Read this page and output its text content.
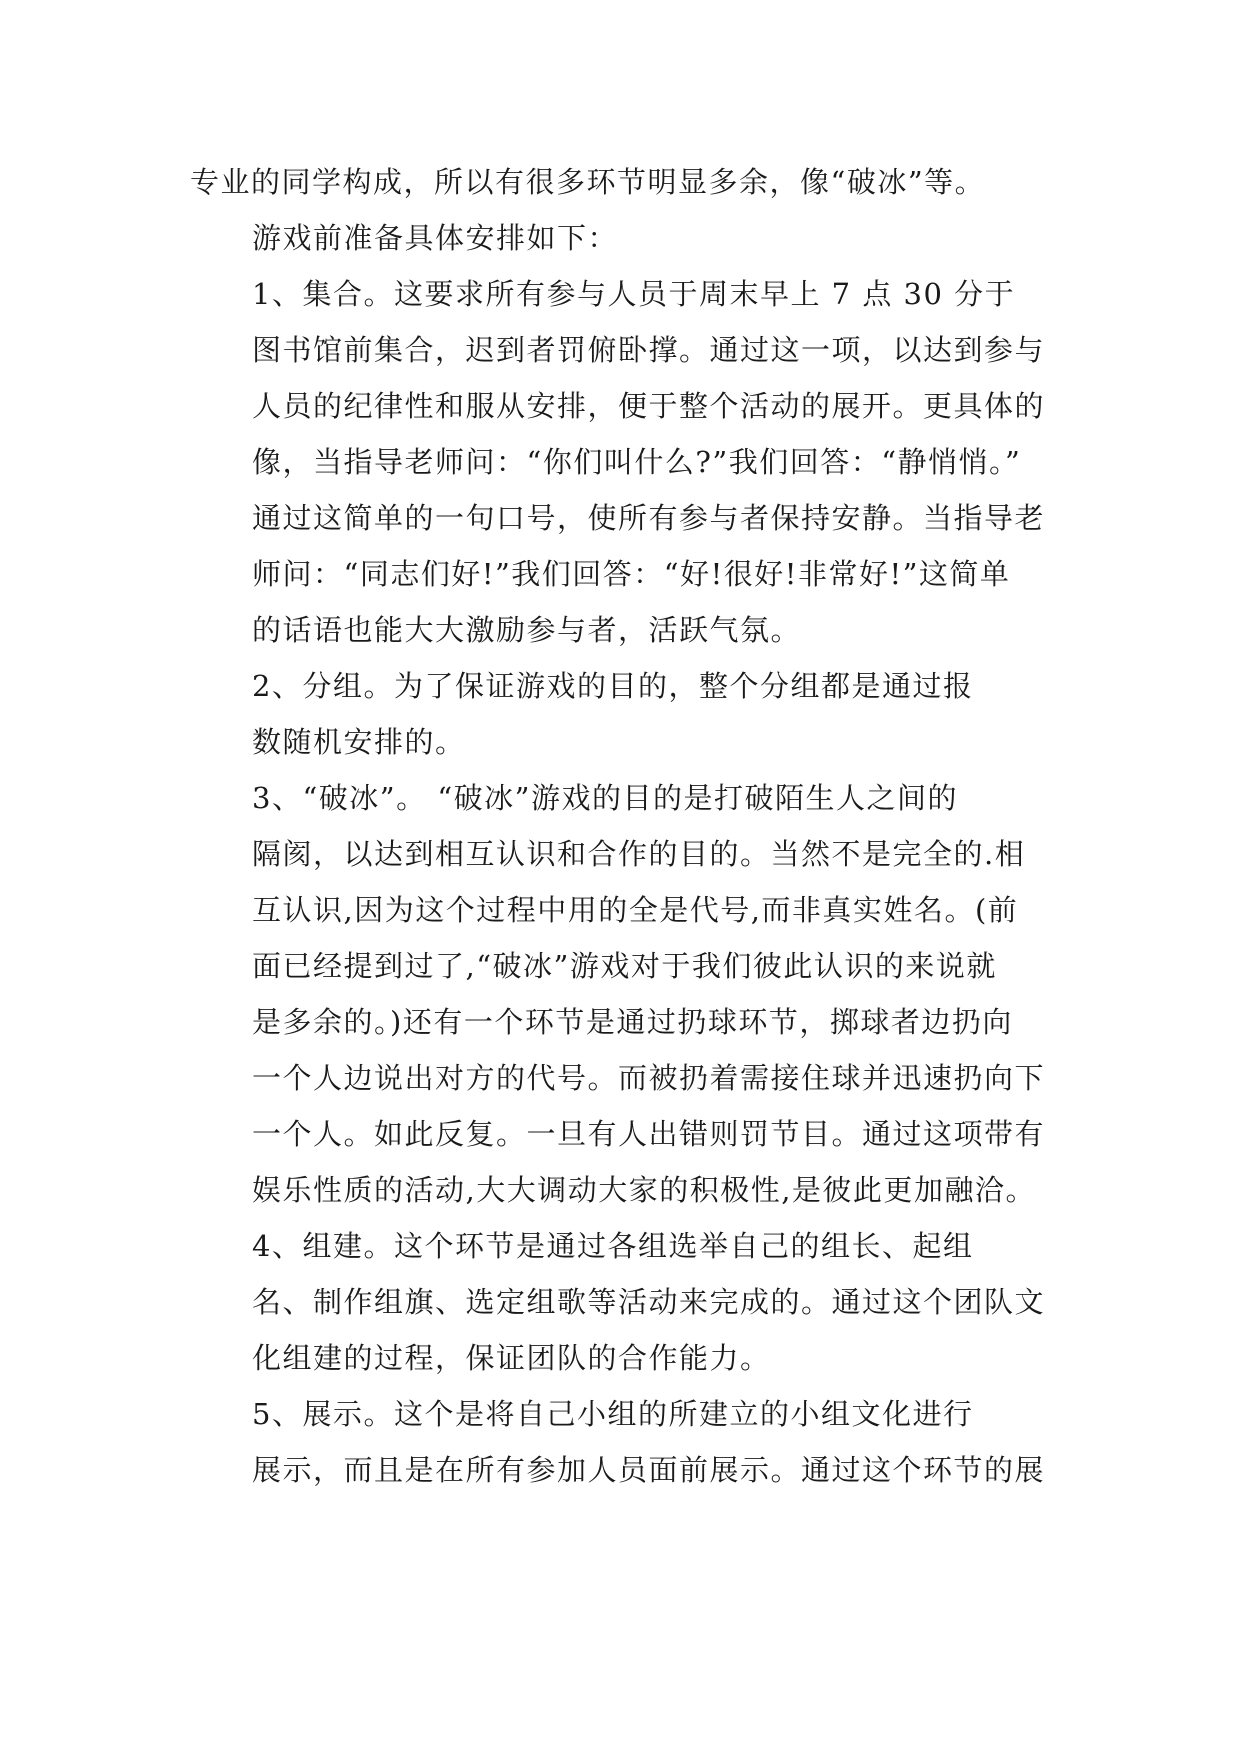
专业的同学构成，所以有很多环节明显多余，像“破冰”等。

游戏前准备具体安排如下：

1、集合。这要求所有参与人员于周末早上 7 点 30 分于
图书馆前集合，迟到者罚俯卧撑。通过这一项，以达到参与
人员的纪律性和服从安排，便于整个活动的展开。更具体的
像，当指导老师问：“你们叫什么?”我们回答：“静悄悄。”
通过这简单的一句口号，使所有参与者保持安静。当指导老
师问：“同志们好!”我们回答：“好!很好!非常好!”这简单
的话语也能大大激励参与者，活跃气氛。

2、分组。为了保证游戏的目的，整个分组都是通过报
数随机安排的。

3、“破冰”。 “破冰”游戏的目的是打破陌生人之间的
隔阂，以达到相互认识和合作的目的。当然不是完全的.相
互认识,因为这个过程中用的全是代号,而非真实姓名。(前
面已经提到过了,“破冰”游戏对于我们彼此认识的来说就
是多余的。)还有一个环节是通过扔球环节，掷球者边扔向
一个人边说出对方的代号。而被扔着需接住球并迅速扔向下
一个人。如此反复。一旦有人出错则罚节目。通过这项带有
娱乐性质的活动,大大调动大家的积极性,是彼此更加融洽。

4、组建。这个环节是通过各组选举自己的组长、起组
名、制作组旗、选定组歌等活动来完成的。通过这个团队文
化组建的过程，保证团队的合作能力。

5、展示。这个是将自己小组的所建立的小组文化进行
展示，而且是在所有参加人员面前展示。通过这个环节的展
